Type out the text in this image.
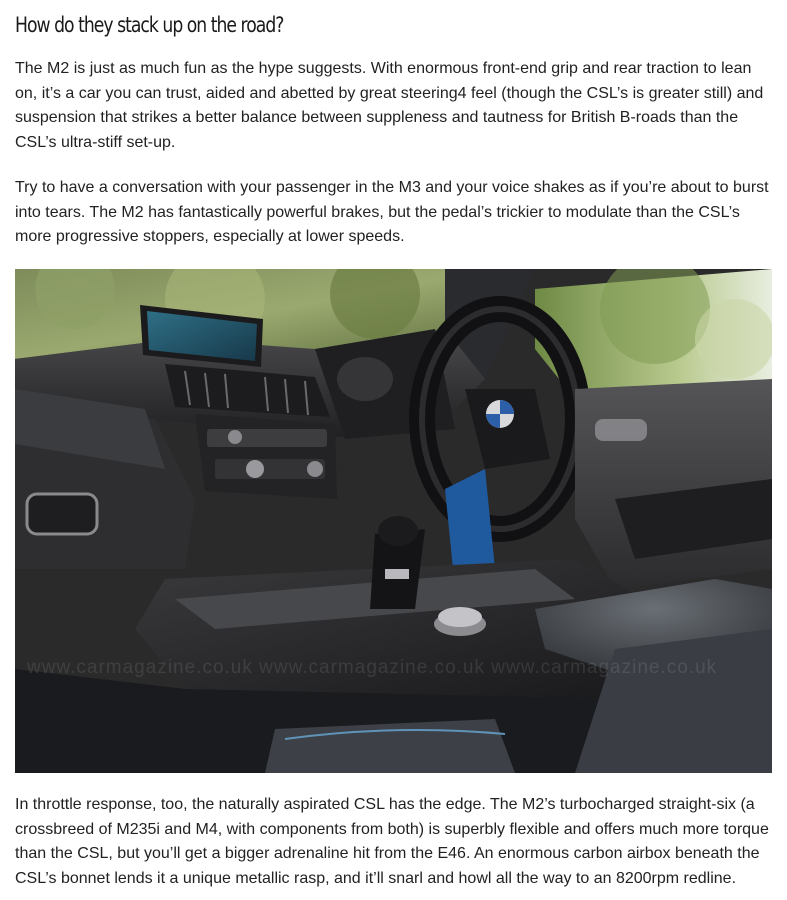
How do they stack up on the road?

The M2 is just as much fun as the hype suggests. With enormous front-end grip and rear traction to lean on, it’s a car you can trust, aided and abetted by great steering4 feel (though the CSL’s is greater still) and suspension that strikes a better balance between suppleness and tautness for British B-roads than the CSL’s ultra-stiff set-up.

Try to have a conversation with your passenger in the M3 and your voice shakes as if you’re about to burst into tears. The M2 has fantastically powerful brakes, but the pedal’s trickier to modulate than the CSL’s more progressive stoppers, especially at lower speeds.

www.carmagazine.co.uk www.carmagazine.co.uk www.carmagazine.co.uk

In throttle response, too, the naturally aspirated CSL has the edge. The M2’s turbocharged straight-six (a crossbreed of M235i and M4, with components from both) is superbly flexible and offers much more torque than the CSL, but you’ll get a bigger adrenaline hit from the E46. An enormous carbon airbox beneath the CSL’s bonnet lends it a unique metallic rasp, and it’ll snarl and howl all the way to an 8200rpm redline.
